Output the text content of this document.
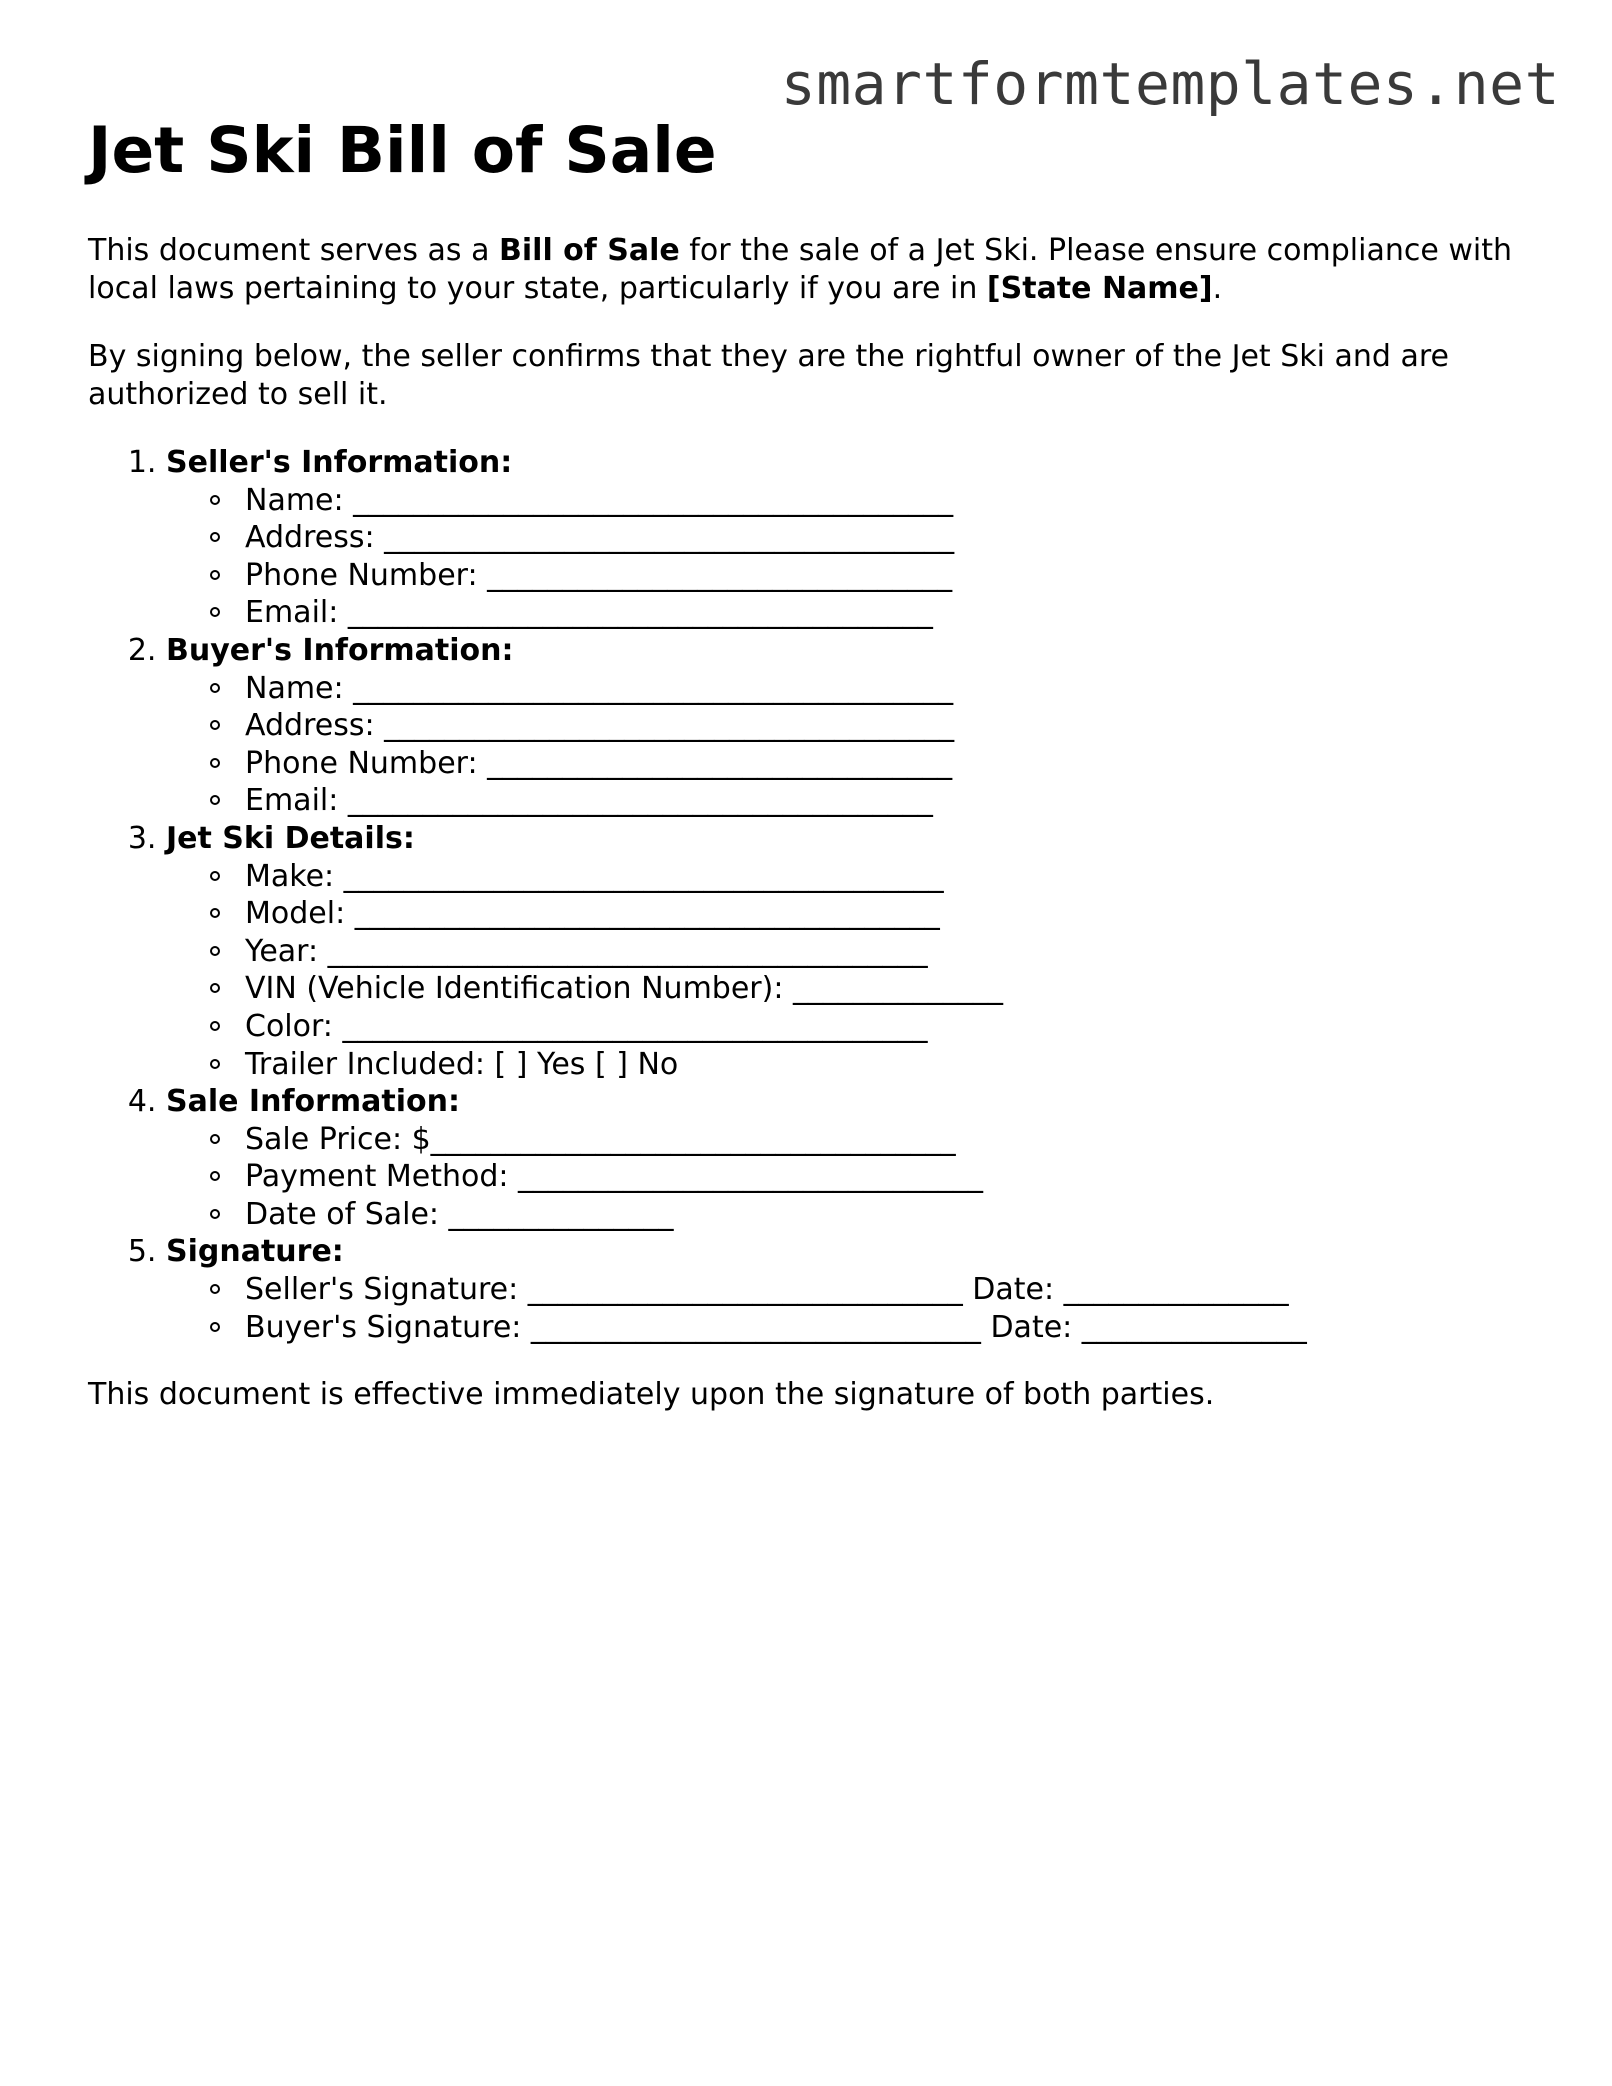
smartformtemplates.net
Jet Ski Bill of Sale

This document serves as a Bill of Sale for the sale of a Jet Ski. Please ensure compliance with local laws pertaining to your state, particularly if you are in [State Name].

By signing below, the seller confirms that they are the rightful owner of the Jet Ski and are authorized to sell it.

1. Seller's Information:
Name: ________________________________________
Address: ______________________________________
Phone Number: _______________________________
Email: _______________________________________
2. Buyer's Information:
Name: ________________________________________
Address: ______________________________________
Phone Number: _______________________________
Email: _______________________________________
3. Jet Ski Details:
Make: ________________________________________
Model: _______________________________________
Year: ________________________________________
VIN (Vehicle Identification Number): ______________
Color: _______________________________________
Trailer Included: [ ] Yes [ ] No
4. Sale Information:
Sale Price: $___________________________________
Payment Method: _______________________________
Date of Sale: _______________
5. Signature:
Seller's Signature: _____________________________ Date: _______________
Buyer's Signature: ______________________________ Date: _______________

This document is effective immediately upon the signature of both parties.
